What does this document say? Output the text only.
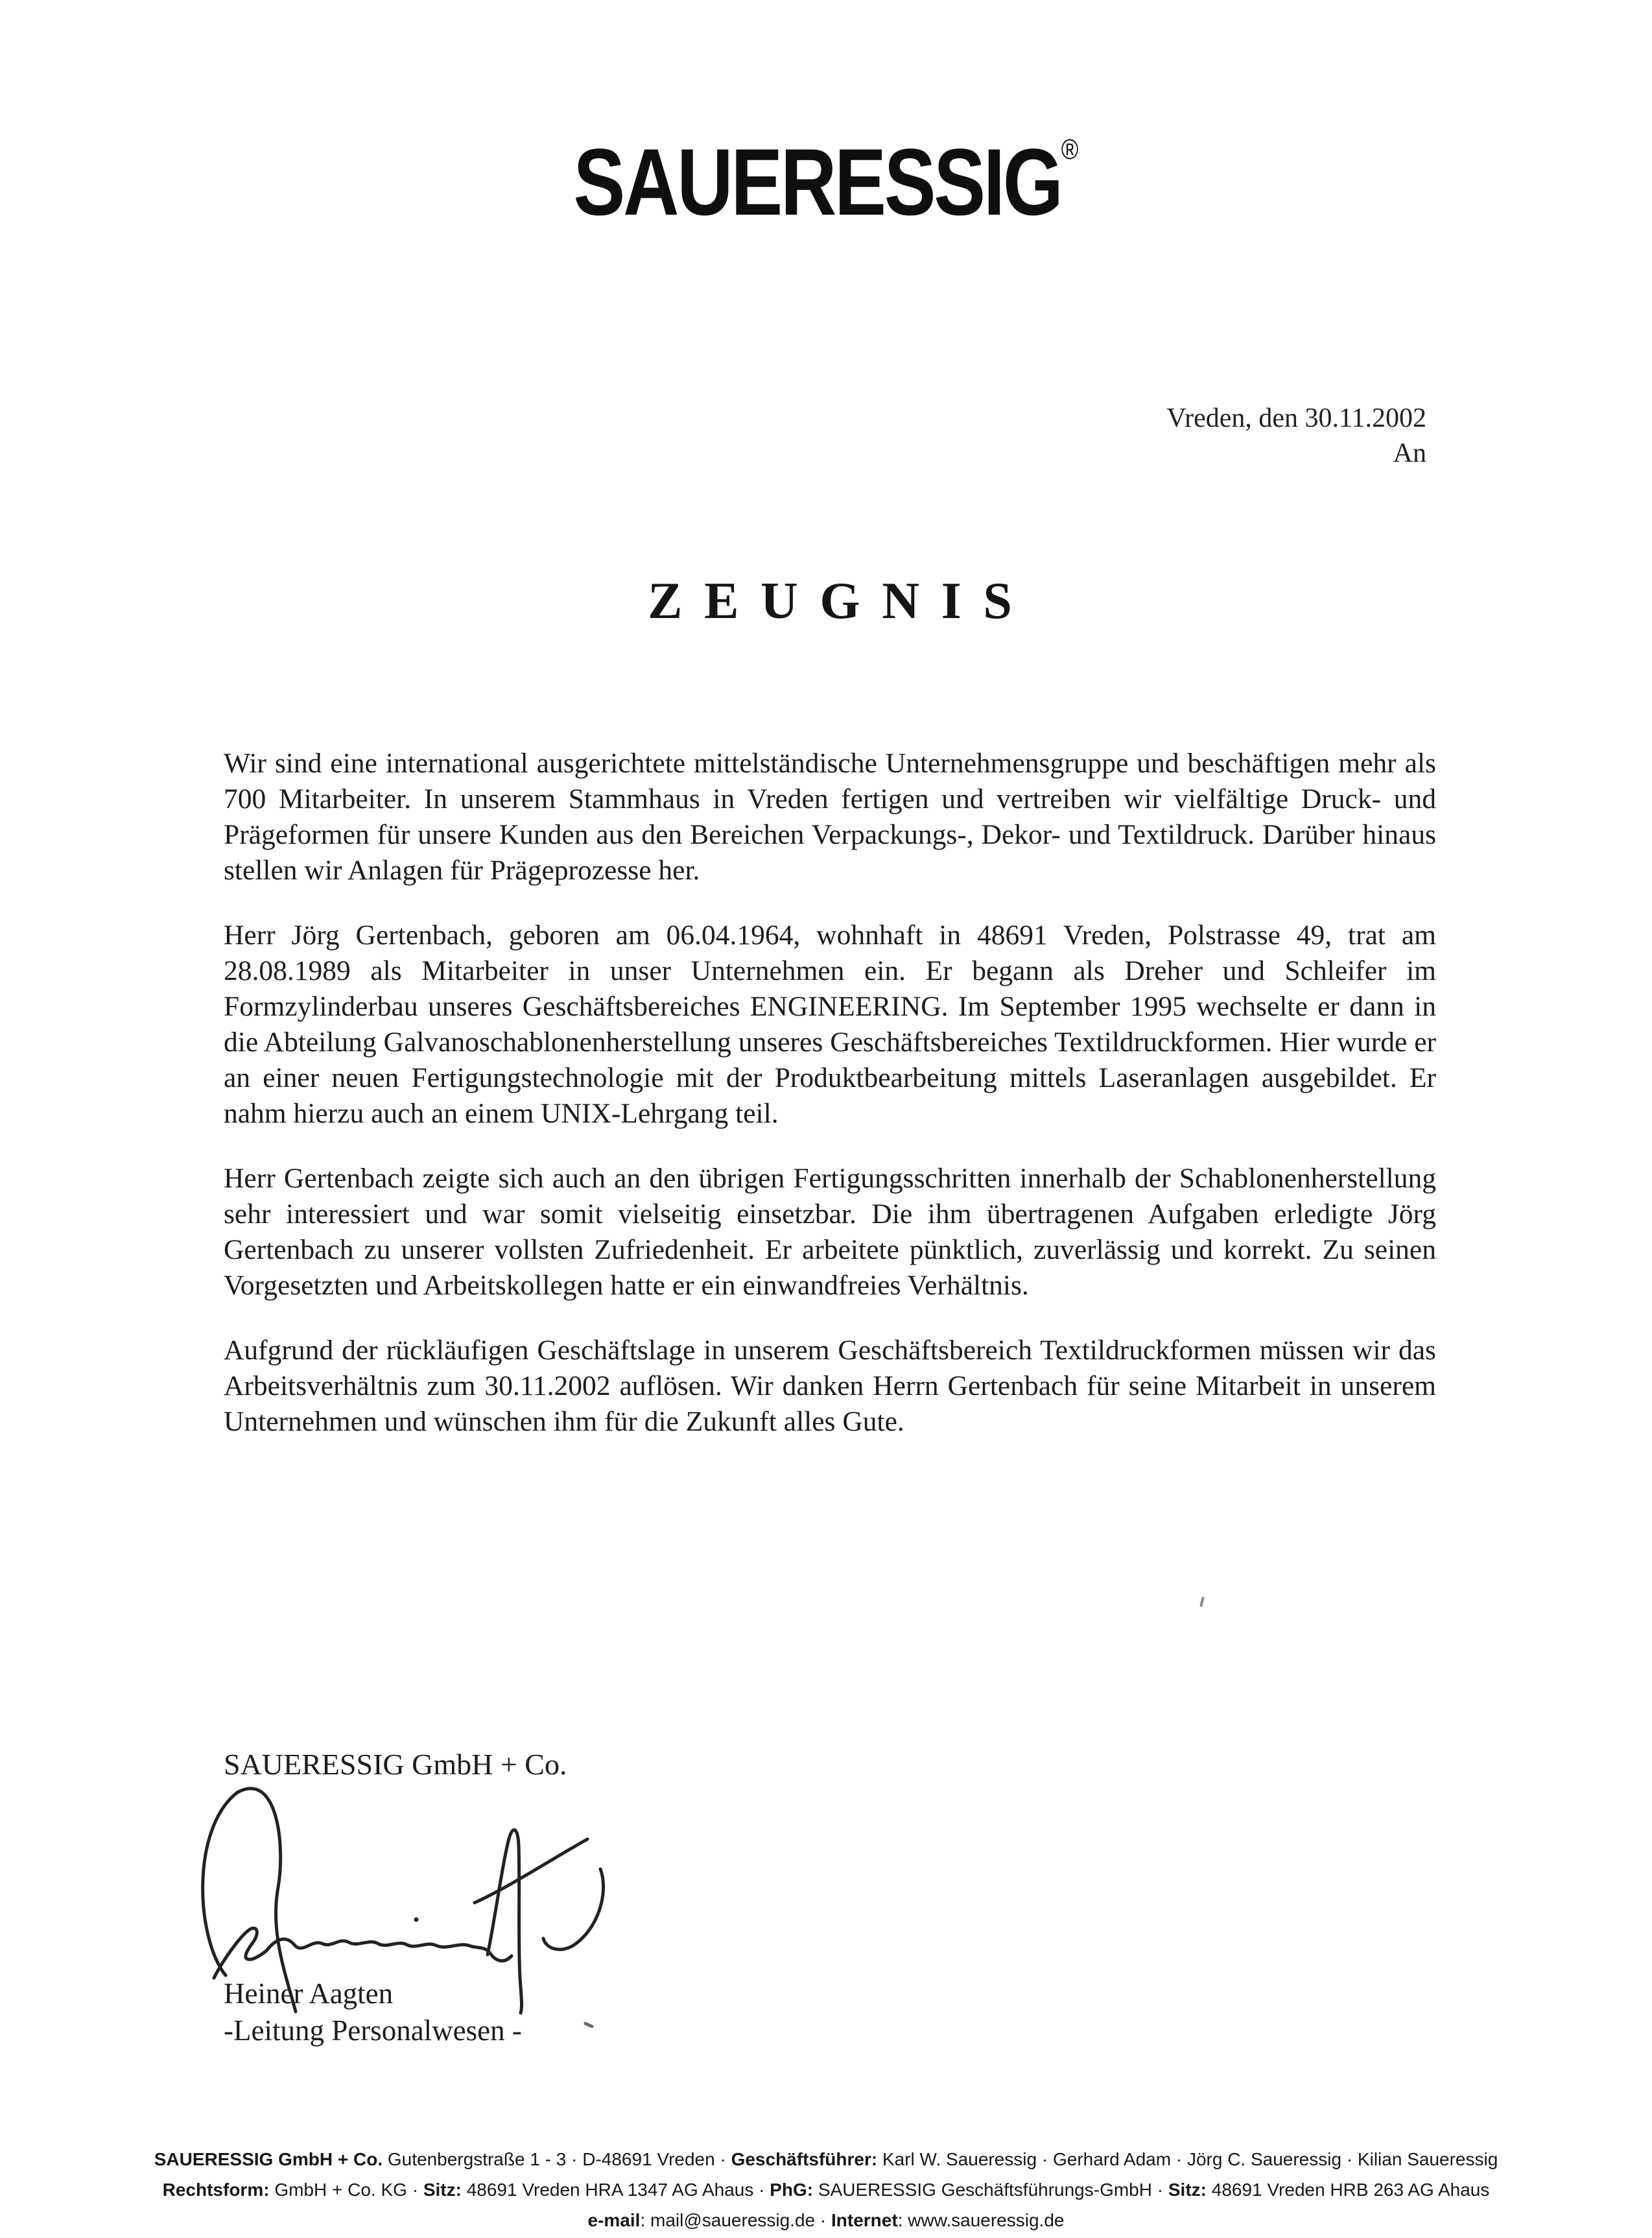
SAUERESSIG®
Vreden, den 30.11.2002
An
ZEUGNIS

Wir sind eine international ausgerichtete mittelständische Unternehmensgruppe und beschäftigen mehr als 700 Mitarbeiter. In unserem Stammhaus in Vreden fertigen und vertreiben wir vielfältige Druck- und Prägeformen für unsere Kunden aus den Bereichen Verpackungs-, Dekor- und Textildruck. Darüber hinaus stellen wir Anlagen für Prägeprozesse her.

Herr Jörg Gertenbach, geboren am 06.04.1964, wohnhaft in 48691 Vreden, Polstrasse 49, trat am 28.08.1989 als Mitarbeiter in unser Unternehmen ein. Er begann als Dreher und Schleifer im Formzylinderbau unseres Geschäftsbereiches ENGINEERING. Im September 1995 wechselte er dann in die Abteilung Galvanoschablonenherstellung unseres Geschäftsbereiches Textildruckformen. Hier wurde er an einer neuen Fertigungstechnologie mit der Produktbearbeitung mittels Laseranlagen ausgebildet. Er nahm hierzu auch an einem UNIX-Lehrgang teil.

Herr Gertenbach zeigte sich auch an den übrigen Fertigungsschritten innerhalb der Schablonenherstellung sehr interessiert und war somit vielseitig einsetzbar. Die ihm übertragenen Aufgaben erledigte Jörg Gertenbach zu unserer vollsten Zufriedenheit. Er arbeitete pünktlich, zuverlässig und korrekt. Zu seinen Vorgesetzten und Arbeitskollegen hatte er ein einwandfreies Verhältnis.

Aufgrund der rückläufigen Geschäftslage in unserem Geschäftsbereich Textildruckformen müssen wir das Arbeitsverhältnis zum 30.11.2002 auflösen. Wir danken Herrn Gertenbach für seine Mitarbeit in unserem Unternehmen und wünschen ihm für die Zukunft alles Gute.

SAUERESSIG GmbH + Co.
Heiner Aagten
-Leitung Personalwesen -
SAUERESSIG GmbH + Co. Gutenbergstraße 1 - 3 · D-48691 Vreden · Geschäftsführer: Karl W. Saueressig · Gerhard Adam · Jörg C. Saueressig · Kilian Saueressig
Rechtsform: GmbH + Co. KG · Sitz: 48691 Vreden HRA 1347 AG Ahaus · PhG: SAUERESSIG Geschäftsführungs-GmbH · Sitz: 48691 Vreden HRB 263 AG Ahaus
e-mail: mail@saueressig.de · Internet: www.saueressig.de
